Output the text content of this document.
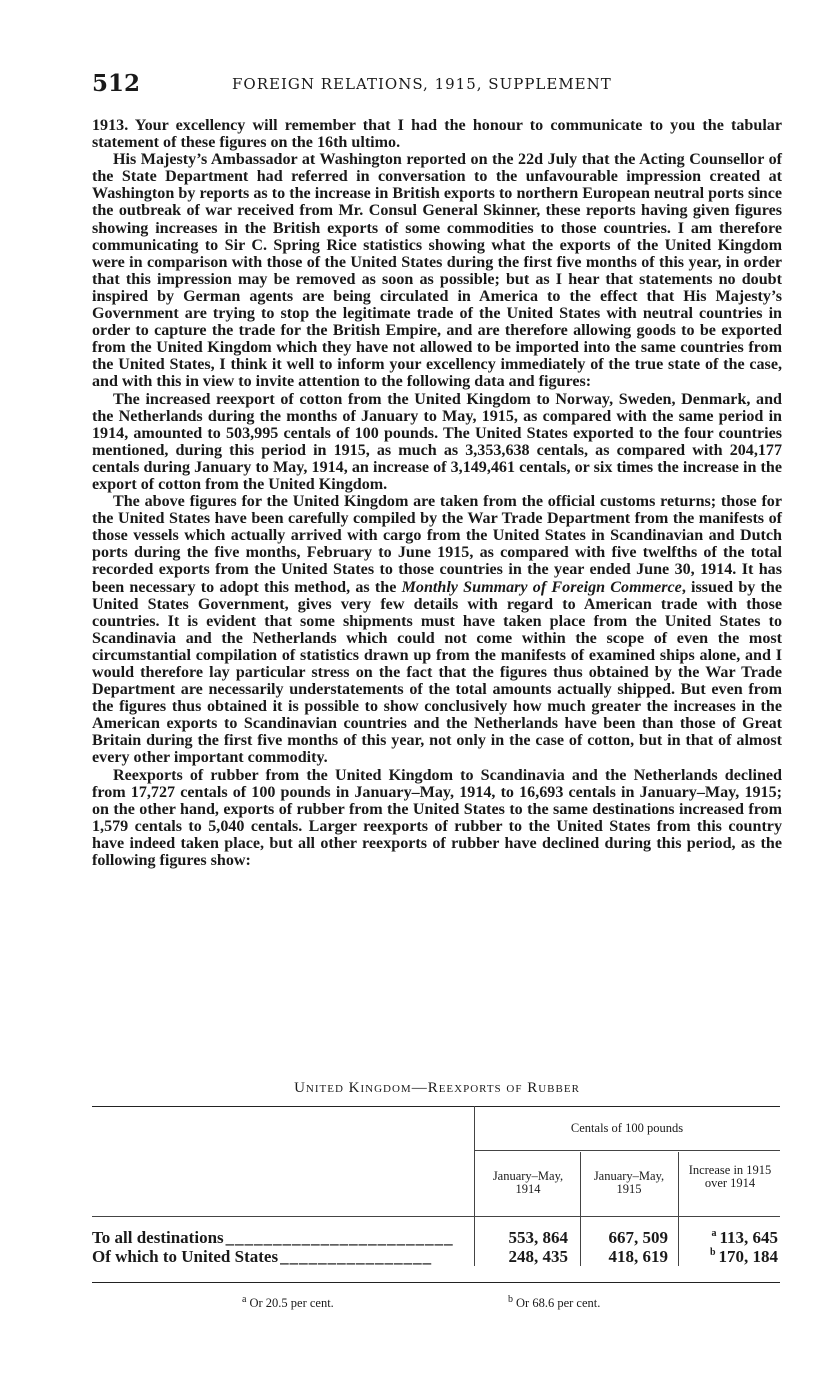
512	FOREIGN RELATIONS, 1915, SUPPLEMENT

1913. Your excellency will remember that I had the honour to communicate to you the tabular statement of these figures on the 16th ultimo.

His Majesty’s Ambassador at Washington reported on the 22d July that the Acting Counsellor of the State Department had referred in conversation to the unfavourable impression created at Washington by reports as to the increase in British exports to northern European neutral ports since the outbreak of war received from Mr. Consul General Skinner, these reports having given figures showing increases in the British exports of some commodities to those countries. I am therefore communicating to Sir C. Spring Rice statistics showing what the exports of the United Kingdom were in comparison with those of the United States during the first five months of this year, in order that this impression may be removed as soon as possible; but as I hear that statements no doubt inspired by German agents are being circulated in America to the effect that His Majesty’s Government are trying to stop the legitimate trade of the United States with neutral countries in order to capture the trade for the British Empire, and are therefore allowing goods to be exported from the United Kingdom which they have not allowed to be imported into the same countries from the United States, I think it well to inform your excellency immediately of the true state of the case, and with this in view to invite attention to the following data and figures:

The increased reexport of cotton from the United Kingdom to Norway, Sweden, Denmark, and the Netherlands during the months of January to May, 1915, as compared with the same period in 1914, amounted to 503,995 centals of 100 pounds. The United States exported to the four countries mentioned, during this period in 1915, as much as 3,353,638 centals, as compared with 204,177 centals during January to May, 1914, an increase of 3,149,461 centals, or six times the increase in the export of cotton from the United Kingdom.

The above figures for the United Kingdom are taken from the official customs returns; those for the United States have been carefully compiled by the War Trade Department from the manifests of those vessels which actually arrived with cargo from the United States in Scandinavian and Dutch ports during the five months, February to June 1915, as compared with five twelfths of the total recorded exports from the United States to those countries in the year ended June 30, 1914. It has been necessary to adopt this method, as the Monthly Summary of Foreign Commerce, issued by the United States Government, gives very few details with regard to American trade with those countries. It is evident that some shipments must have taken place from the United States to Scandinavia and the Netherlands which could not come within the scope of even the most circumstantial compilation of statistics drawn up from the manifests of examined ships alone, and I would therefore lay particular stress on the fact that the figures thus obtained by the War Trade Department are necessarily understatements of the total amounts actually shipped. But even from the figures thus obtained it is possible to show conclusively how much greater the increases in the American exports to Scandinavian countries and the Netherlands have been than those of Great Britain during the first five months of this year, not only in the case of cotton, but in that of almost every other important commodity.

Reexports of rubber from the United Kingdom to Scandinavia and the Netherlands declined from 17,727 centals of 100 pounds in January–May, 1914, to 16,693 centals in January–May, 1915; on the other hand, exports of rubber from the United States to the same destinations increased from 1,579 centals to 5,040 centals. Larger reexports of rubber to the United States from this country have indeed taken place, but all other reexports of rubber have declined during this period, as the following figures show:

United Kingdom—Reexports of Rubber
Centals of 100 pounds
January–May, 1914
January–May, 1915
Increase in 1915 over 1914
To all destinations ________________________	553, 864	667, 509	$^a$ 113, 645
Of which to United States ________________	248, 435	418, 619	$^b$ 170, 184
$^a$ Or 20.5 per cent.	$^b$ Or 68.6 per cent.
